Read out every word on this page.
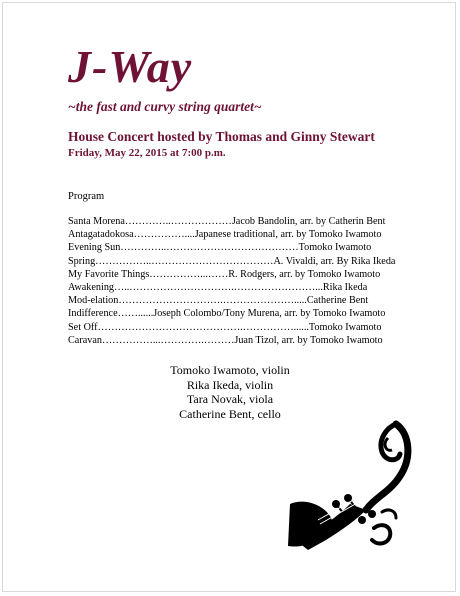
J-Way
~the fast and curvy string quartet~
House Concert hosted by Thomas and Ginny Stewart
Friday, May 22, 2015 at 7:00 p.m.
Program
Santa Morena…………..………………Jacob Bandolin, arr. by Catherin Bent
Antagatadokosa……………....Japanese traditional, arr. by Tomoko Iwamoto
Evening Sun…………..…………………………………Tomoko Iwamoto
Spring……………..………………………………A. Vivaldi, arr. By Rika Ikeda
My Favorite Things……………...……R. Rodgers, arr. by Tomoko Iwamoto
Awakening…..………………………….……………………...Rika Ikeda
Mod-elation………………………….………………….....Catherine Bent
Indifference……......Joseph Colombo/Tony Murena, arr. by Tomoko Iwamoto
Set Off…………………………………….……………......Tomoko Iwamoto
Caravan……………...………….………Juan Tizol, arr. by Tomoko Iwamoto
Tomoko Iwamoto, violin
Rika Ikeda, violin
Tara Novak, viola
Catherine Bent, cello
